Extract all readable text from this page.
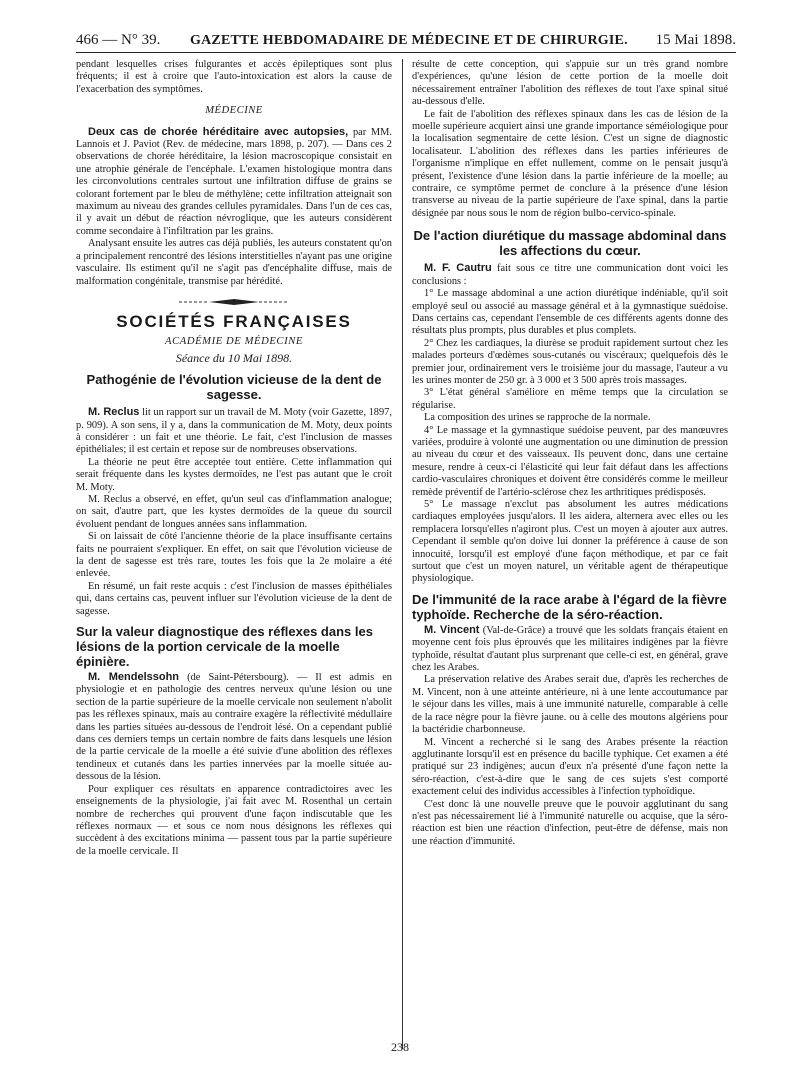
466 — N° 39. GAZETTE HEBDOMADAIRE DE MÉDECINE ET DE CHIRURGIE. 15 Mai 1898.

pendant lesquelles crises fulgurantes et accès épileptiques sont plus fréquents; il est à croire que l'auto-intoxication est alors la cause de l'exacerbation des symptômes.

MÉDECINE

Deux cas de chorée héréditaire avec autopsies, par MM. Lannois et J. Paviot (Rev. de médecine, mars 1898, p. 207). — Dans ces 2 observations de chorée héréditaire, la lésion macroscopique consistait en une atrophie générale de l'encéphale. L'examen histologique montra dans les circonvolutions centrales surtout une infiltration diffuse de grains se colorant fortement par le bleu de méthylène; cette infiltration atteignait son maximum au niveau des grandes cellules pyramidales. Dans l'un de ces cas, il y avait un début de réaction névroglique, que les auteurs considèrent comme secondaire à l'infiltration par les grains.

Analysant ensuite les autres cas déjà publiés, les auteurs constatent qu'on a principalement rencontré des lésions interstitielles n'ayant pas une origine vasculaire. Ils estiment qu'il ne s'agit pas d'encéphalite diffuse, mais de malformation congénitale, transmise par hérédité.

SOCIÉTÉS FRANÇAISES
ACADÉMIE DE MÉDECINE
Séance du 10 Mai 1898.
Pathogénie de l'évolution vicieuse de la dent de sagesse.

M. Reclus lit un rapport sur un travail de M. Moty (voir Gazette, 1897, p. 909). A son sens, il y a, dans la communication de M. Moty, deux points à considérer : un fait et une théorie. Le fait, c'est l'inclusion de masses épithéliales; il est certain et repose sur de nombreuses observations.

La théorie ne peut être acceptée tout entière. Cette inflammation qui serait fréquente dans les kystes dermoïdes, ne l'est pas autant que le croit M. Moty.

M. Reclus a observé, en effet, qu'un seul cas d'inflammation analogue; on sait, d'autre part, que les kystes dermoïdes de la queue du sourcil évoluent pendant de longues années sans inflammation.

Si on laissait de côté l'ancienne théorie de la place insuffisante certains faits ne pourraient s'expliquer. En effet, on sait que l'évolution vicieuse de la dent de sagesse est très rare, toutes les fois que la 2e molaire a été enlevée.

En résumé, un fait reste acquis : c'est l'inclusion de masses épithéliales qui, dans certains cas, peuvent influer sur l'évolution vicieuse de la dent de sagesse.

Sur la valeur diagnostique des réflexes dans les lésions de la portion cervicale de la moelle épinière.

M. Mendelssohn (de Saint-Pétersbourg). — Il est admis en physiologie et en pathologie des centres nerveux qu'une lésion ou une section de la partie supérieure de la moelle cervicale non seulement n'abolit pas les réflexes spinaux, mais au contraire exagère la réflectivité médullaire dans les parties situées au-dessous de l'endroit lésé. On a cependant publié dans ces derniers temps un certain nombre de faits dans lesquels une lésion de la partie cervicale de la moelle a été suivie d'une abolition des réflexes tendineux et cutanés dans les parties innervées par la moelle située au-dessous de la lésion.

Pour expliquer ces résultats en apparence contradictoires avec les enseignements de la physiologie, j'ai fait avec M. Rosenthal un certain nombre de recherches qui prouvent d'une façon indiscutable que les réflexes normaux — et sous ce nom nous désignons les réflexes qui succèdent à des excitations minima — passent tous par la partie supérieure de la moelle cervicale. Il

résulte de cette conception, qui s'appuie sur un très grand nombre d'expériences, qu'une lésion de cette portion de la moelle doit nécessairement entraîner l'abolition des réflexes de tout l'axe spinal situé au-dessous d'elle.

Le fait de l'abolition des réflexes spinaux dans les cas de lésion de la moelle supérieure acquiert ainsi une grande importance séméiologique pour la localisation segmentaire de cette lésion. C'est un signe de diagnostic localisateur. L'abolition des réflexes dans les parties inférieures de l'organisme n'implique en effet nullement, comme on le pensait jusqu'à présent, l'existence d'une lésion dans la partie inférieure de la moelle; au contraire, ce symptôme permet de conclure à la présence d'une lésion transverse au niveau de la partie supérieure de l'axe spinal, dans la partie désignée par nous sous le nom de région bulbo-cervico-spinale.

De l'action diurétique du massage abdominal dans les affections du cœur.

M. F. Cautru fait sous ce titre une communication dont voici les conclusions :

1° Le massage abdominal a une action diurétique indéniable, qu'il soit employé seul ou associé au massage général et à la gymnastique suédoise. Dans certains cas, cependant l'ensemble de ces différents agents donne des résultats plus prompts, plus durables et plus complets.

2° Chez les cardiaques, la diurèse se produit rapidement surtout chez les malades porteurs d'œdèmes sous-cutanés ou viscéraux; quelquefois dès le premier jour, ordinairement vers le troisième jour du massage, l'auteur a vu les urines monter de 250 gr. à 3 000 et 3 500 après trois massages.

3° L'état général s'améliore en même temps que la circulation se régularise.

La composition des urines se rapproche de la normale.

4° Le massage et la gymnastique suédoise peuvent, par des manœuvres variées, produire à volonté une augmentation ou une diminution de pression au niveau du cœur et des vaisseaux. Ils peuvent donc, dans une certaine mesure, rendre à ceux-ci l'élasticité qui leur fait défaut dans les affections cardio-vasculaires chroniques et doivent être considérés comme le meilleur remède préventif de l'artério-sclérose chez les arthritiques prédisposés.

5° Le massage n'exclut pas absolument les autres médications cardiaques employées jusqu'alors. Il les aidera, alternera avec elles ou les remplacera lorsqu'elles n'agiront plus. C'est un moyen à ajouter aux autres. Cependant il semble qu'on doive lui donner la préférence à cause de son innocuité, lorsqu'il est employé d'une façon méthodique, et par ce fait surtout que c'est un moyen naturel, un véritable agent de thérapeutique physiologique.

De l'immunité de la race arabe à l'égard de la fièvre typhoïde. Recherche de la séro-réaction.

M. Vincent (Val-de-Grâce) a trouvé que les soldats français étaient en moyenne cent fois plus éprouvés que les militaires indigènes par la fièvre typhoïde, résultat d'autant plus surprenant que celle-ci est, en général, grave chez les Arabes.

La préservation relative des Arabes serait due, d'après les recherches de M. Vincent, non à une atteinte antérieure, ni à une lente accoutumance par le séjour dans les villes, mais à une immunité naturelle, comparable à celle de la race nègre pour la fièvre jaune. ou à celle des moutons algériens pour la bactéridie charbonneuse.

M. Vincent a recherché si le sang des Arabes présente la réaction agglutinante lorsqu'il est en présence du bacille typhique. Cet examen a été pratiqué sur 23 indigènes; aucun d'eux n'a présenté d'une façon nette la séro-réaction, c'est-à-dire que le sang de ces sujets s'est comporté exactement celui des individus accessibles à l'infection typhoïdique.

C'est donc là une nouvelle preuve que le pouvoir agglutinant du sang n'est pas nécessairement lié à l'immunité naturelle ou acquise, que la séro-réaction est bien une réaction d'infection, peut-être de défense, mais non une réaction d'immunité.

238
